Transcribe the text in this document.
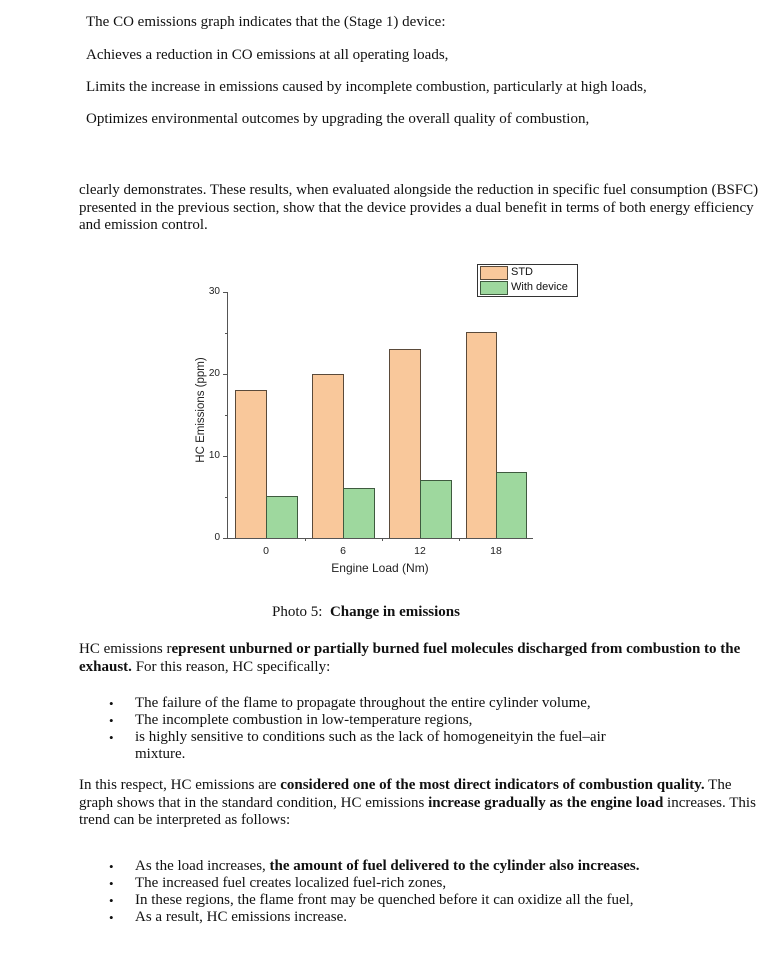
The CO emissions graph indicates that the (Stage 1) device:
Achieves a reduction in CO emissions at all operating loads,
Limits the increase in emissions caused by incomplete combustion, particularly at high loads,
Optimizes environmental outcomes by upgrading the overall quality of combustion,
clearly demonstrates. These results, when evaluated alongside the reduction in specific fuel consumption (BSFC) presented in the previous section, show that the device provides a dual benefit in terms of both energy efficiency and emission control.
HC Emissions (ppm)
30
20
10
0
0	6	12	18
Engine Load (Nm)
STD
With device
Photo 5: Change in emissions
HC emissions represent unburned or partially burned fuel molecules discharged from combustion to the exhaust. For this reason, HC specifically:
• The failure of the flame to propagate throughout the entire cylinder volume,
• The incomplete combustion in low-temperature regions,
• is highly sensitive to conditions such as the lack of homogeneityin the fuel–air mixture.
In this respect, HC emissions are considered one of the most direct indicators of combustion quality. The graph shows that in the standard condition, HC emissions increase gradually as the engine load increases. This trend can be interpreted as follows:
• As the load increases, the amount of fuel delivered to the cylinder also increases.
• The increased fuel creates localized fuel-rich zones,
• In these regions, the flame front may be quenched before it can oxidize all the fuel,
• As a result, HC emissions increase.
